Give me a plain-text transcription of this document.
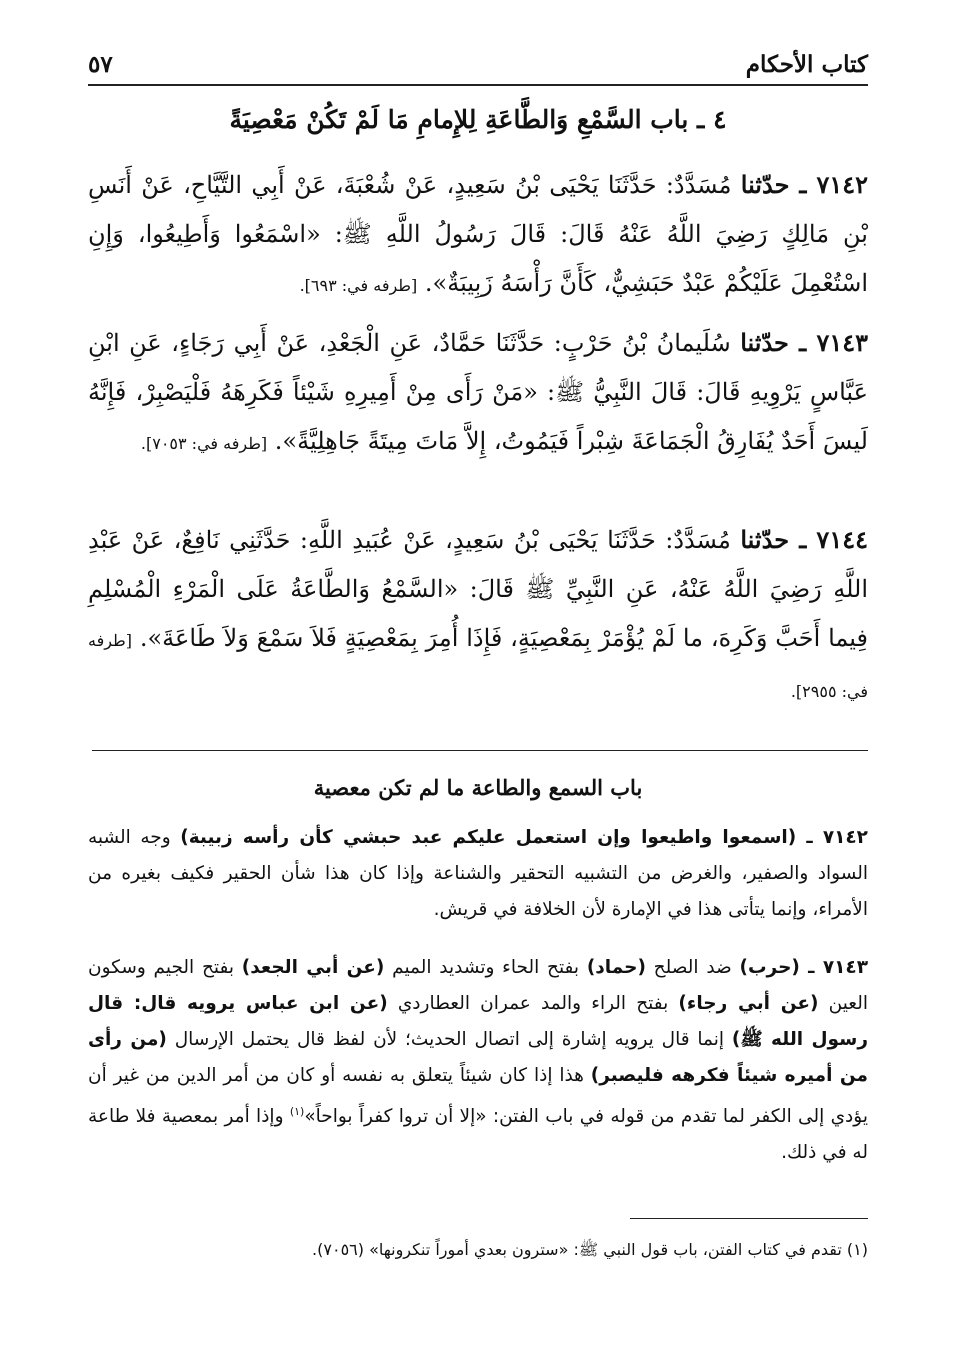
كتاب الأحكام
٥٧
٤ ـ باب السَّمْعِ وَالطَّاعَةِ لِلإِمامِ مَا لَمْ تَكُنْ مَعْصِيَةً

٧١٤٢ ـ حدّثنا مُسَدَّدٌ: حَدَّثَنَا يَحْيَى بْنُ سَعِيدٍ، عَنْ شُعْبَةَ، عَنْ أَبِي التَّيَّاحِ، عَنْ أَنَسِ بْنِ مَالِكٍ رَضِيَ اللَّهُ عَنْهُ قَالَ: قَالَ رَسُولُ اللَّهِ ﷺ: «اسْمَعُوا وَأَطِيعُوا، وَإِنِ اسْتُعْمِلَ عَلَيْكُمْ عَبْدٌ حَبَشِيٌّ، كَأَنَّ رَأْسَهُ زَبِيبَةٌ». [طرفه في: ٦٩٣].

٧١٤٣ ـ حدّثنا سُلَيمانُ بْنُ حَرْبٍ: حَدَّثَنَا حَمَّادٌ، عَنِ الْجَعْدِ، عَنْ أَبِي رَجَاءٍ، عَنِ ابْنِ عَبَّاسٍ يَرْوِيهِ قَالَ: قَالَ النَّبِيُّ ﷺ: «مَنْ رَأَى مِنْ أَمِيرِهِ شَيْئاً فَكَرِهَهُ فَلْيَصْبِرْ، فَإِنَّهُ لَيسَ أَحَدٌ يُفَارِقُ الْجَمَاعَةَ شِبْراً فَيَمُوتُ، إِلاَّ مَاتَ مِيتَةً جَاهِلِيَّةً». [طرفه في: ٧٠٥٣].

٧١٤٤ ـ حدّثنا مُسَدَّدٌ: حَدَّثَنَا يَحْيَى بْنُ سَعِيدٍ، عَنْ عُبَيدِ اللَّهِ: حَدَّثَنِي نَافِعٌ، عَنْ عَبْدِ اللَّهِ رَضِيَ اللَّهُ عَنْهُ، عَنِ النَّبِيِّ ﷺ قَالَ: «السَّمْعُ وَالطَّاعَةُ عَلَى الْمَرْءِ الْمُسْلِمِ فِيما أَحَبَّ وَكَرِهَ، ما لَمْ يُؤْمَرْ بِمَعْصِيَةٍ، فَإِذَا أُمِرَ بِمَعْصِيَةٍ فَلاَ سَمْعَ وَلاَ طَاعَةَ». [طرفه في: ٢٩٥٥].

باب السمع والطاعة ما لم تكن معصية

٧١٤٢ ـ (اسمعوا واطيعوا وإن استعمل عليكم عبد حبشي كأن رأسه زبيبة) وجه الشبه السواد والصفير، والغرض من التشبيه التحقير والشناعة وإذا كان هذا شأن الحقير فكيف بغيره من الأمراء، وإنما يتأتى هذا في الإمارة لأن الخلافة في قريش.

٧١٤٣ ـ (حرب) ضد الصلح (حماد) بفتح الحاء وتشديد الميم (عن أبي الجعد) بفتح الجيم وسكون العين (عن أبي رجاء) بفتح الراء والمد عمران العطاردي (عن ابن عباس يرويه قال: قال رسول الله ﷺ) إنما قال يرويه إشارة إلى اتصال الحديث؛ لأن لفظ قال يحتمل الإرسال (من رأى من أميره شيئاً فكرهه فليصبر) هذا إذا كان شيئاً يتعلق به نفسه أو كان من أمر الدين من غير أن يؤدي إلى الكفر لما تقدم من قوله في باب الفتن: «إلا أن تروا كفراً بواحاً»$^{(١)}$ وإذا أمر بمعصية فلا طاعة له في ذلك.

(١) تقدم في كتاب الفتن، باب قول النبي ﷺ: «سترون بعدي أموراً تنكرونها» (٧٠٥٦).
